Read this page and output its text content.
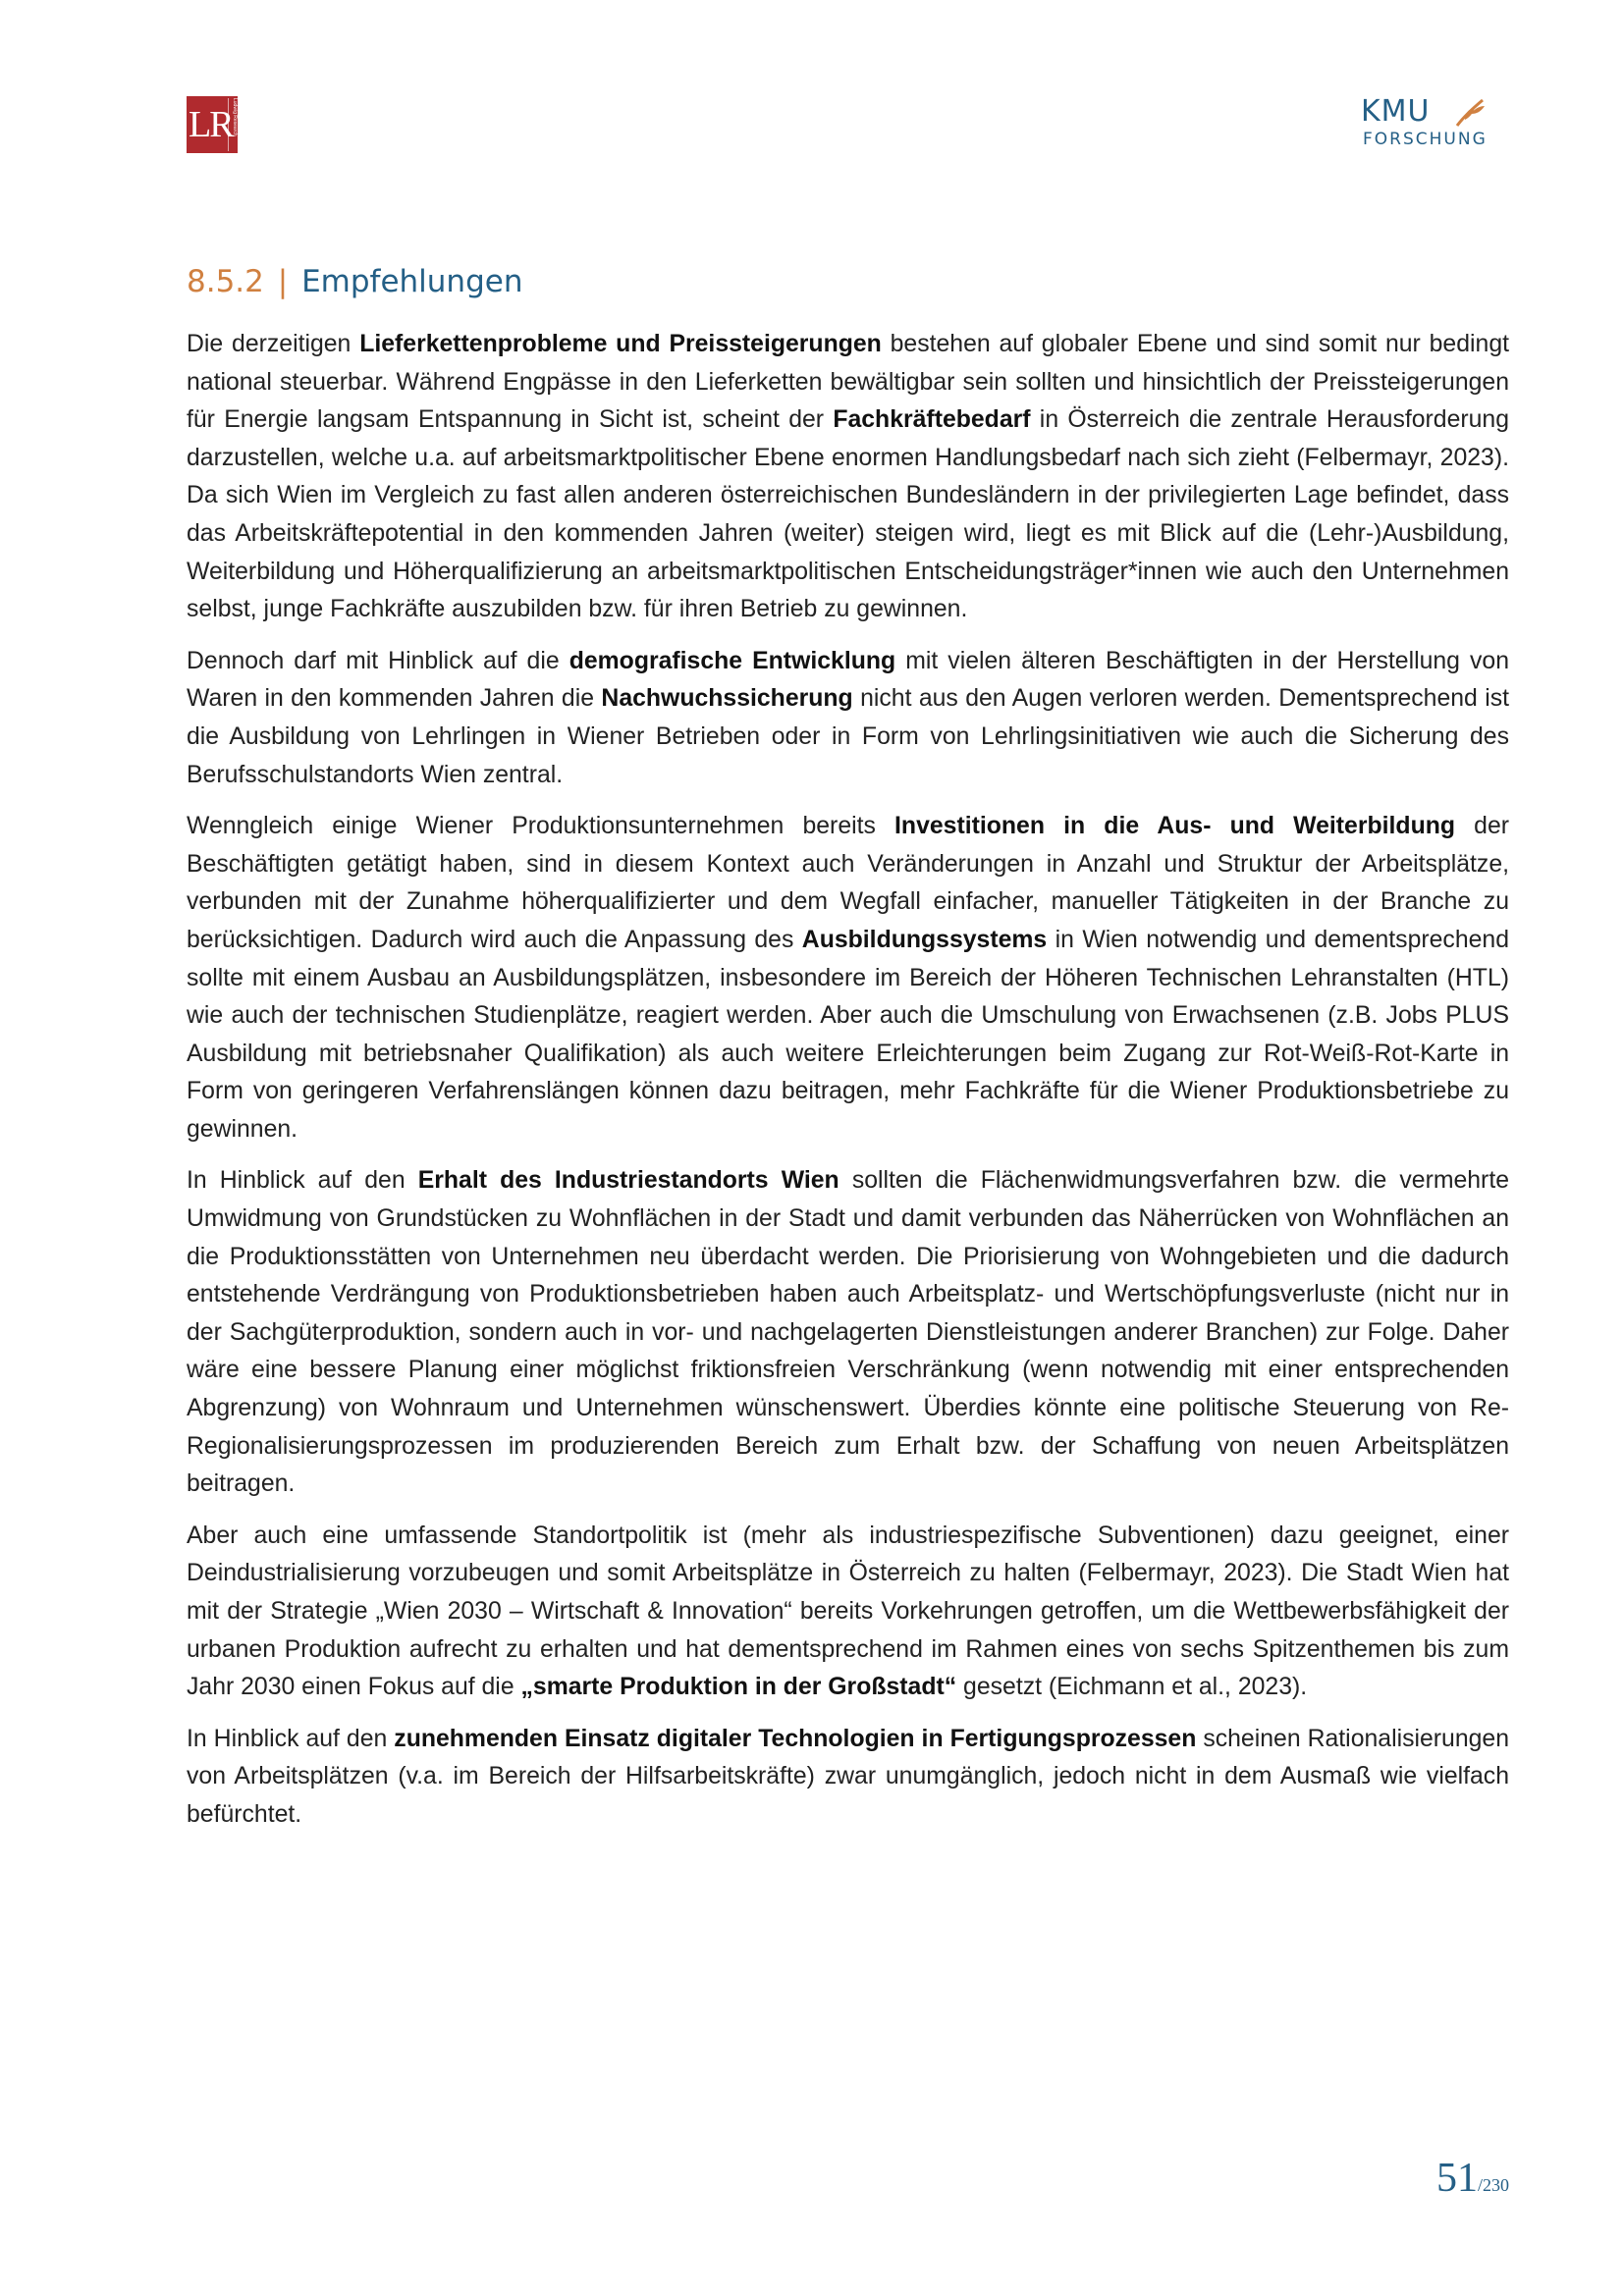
LR Ludwig Research	KMU
FORSCHUNG
8.5.2 | Empfehlungen

Die derzeitigen Lieferkettenprobleme und Preissteigerungen bestehen auf globaler Ebene und sind somit nur bedingt national steuerbar. Während Engpässe in den Lieferketten bewältigbar sein sollten und hinsichtlich der Preissteigerungen für Energie langsam Entspannung in Sicht ist, scheint der Fachkräftebedarf in Österreich die zentrale Herausforderung darzustellen, welche u.a. auf arbeitsmarktpolitischer Ebene enormen Handlungsbedarf nach sich zieht (Felbermayr, 2023). Da sich Wien im Vergleich zu fast allen anderen österreichischen Bundesländern in der privilegierten Lage befindet, dass das Arbeitskräftepotential in den kommenden Jahren (weiter) steigen wird, liegt es mit Blick auf die (Lehr-)Ausbildung, Weiterbildung und Höherqualifizierung an arbeitsmarktpolitischen Entscheidungsträger*innen wie auch den Unternehmen selbst, junge Fachkräfte auszubilden bzw. für ihren Betrieb zu gewinnen.

Dennoch darf mit Hinblick auf die demografische Entwicklung mit vielen älteren Beschäftigten in der Herstellung von Waren in den kommenden Jahren die Nachwuchssicherung nicht aus den Augen verloren werden. Dementsprechend ist die Ausbildung von Lehrlingen in Wiener Betrieben oder in Form von Lehrlingsinitiativen wie auch die Sicherung des Berufsschulstandorts Wien zentral.

Wenngleich einige Wiener Produktionsunternehmen bereits Investitionen in die Aus- und Weiterbildung der Beschäftigten getätigt haben, sind in diesem Kontext auch Veränderungen in Anzahl und Struktur der Arbeitsplätze, verbunden mit der Zunahme höherqualifizierter und dem Wegfall einfacher, manueller Tätigkeiten in der Branche zu berücksichtigen. Dadurch wird auch die Anpassung des Ausbildungssystems in Wien notwendig und dementsprechend sollte mit einem Ausbau an Ausbildungsplätzen, insbesondere im Bereich der Höheren Technischen Lehranstalten (HTL) wie auch der technischen Studienplätze, reagiert werden. Aber auch die Umschulung von Erwachsenen (z.B. Jobs PLUS Ausbildung mit betriebsnaher Qualifikation) als auch weitere Erleichterungen beim Zugang zur Rot-Weiß-Rot-Karte in Form von geringeren Verfahrenslängen können dazu beitragen, mehr Fachkräfte für die Wiener Produktionsbetriebe zu gewinnen.

In Hinblick auf den Erhalt des Industriestandorts Wien sollten die Flächenwidmungsverfahren bzw. die vermehrte Umwidmung von Grundstücken zu Wohnflächen in der Stadt und damit verbunden das Näherrücken von Wohnflächen an die Produktionsstätten von Unternehmen neu überdacht werden. Die Priorisierung von Wohngebieten und die dadurch entstehende Verdrängung von Produktionsbetrieben haben auch Arbeitsplatz- und Wertschöpfungsverluste (nicht nur in der Sachgüterproduktion, sondern auch in vor- und nachgelagerten Dienstleistungen anderer Branchen) zur Folge. Daher wäre eine bessere Planung einer möglichst friktionsfreien Verschränkung (wenn notwendig mit einer entsprechenden Abgrenzung) von Wohnraum und Unternehmen wünschenswert. Überdies könnte eine politische Steuerung von Re-Regionalisierungsprozessen im produzierenden Bereich zum Erhalt bzw. der Schaffung von neuen Arbeitsplätzen beitragen.

Aber auch eine umfassende Standortpolitik ist (mehr als industriespezifische Subventionen) dazu geeignet, einer Deindustrialisierung vorzubeugen und somit Arbeitsplätze in Österreich zu halten (Felbermayr, 2023). Die Stadt Wien hat mit der Strategie „Wien 2030 – Wirtschaft & Innovation“ bereits Vorkehrungen getroffen, um die Wettbewerbsfähigkeit der urbanen Produktion aufrecht zu erhalten und hat dementsprechend im Rahmen eines von sechs Spitzenthemen bis zum Jahr 2030 einen Fokus auf die „smarte Produktion in der Großstadt“ gesetzt (Eichmann et al., 2023).

In Hinblick auf den zunehmenden Einsatz digitaler Technologien in Fertigungsprozessen scheinen Rationalisierungen von Arbeitsplätzen (v.a. im Bereich der Hilfsarbeitskräfte) zwar unumgänglich, jedoch nicht in dem Ausmaß wie vielfach befürchtet.

51/230
